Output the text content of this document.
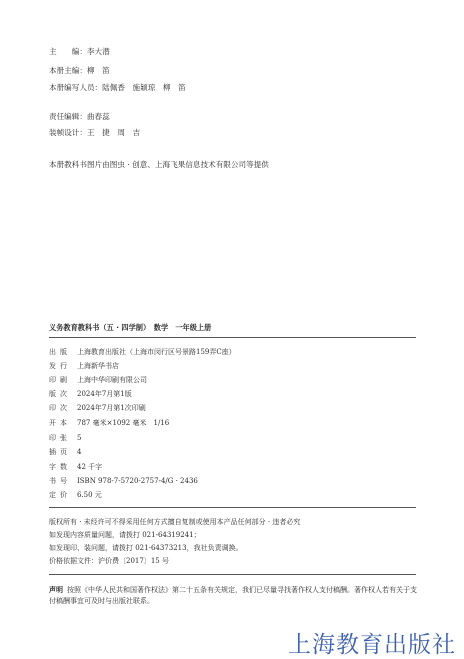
主　　编：李大潜
本册主编：柳　笛
本册编写人员：陆佩香　施颖琼　柳　笛
责任编辑：曲春蕊
装帧设计：王　捷　周　吉
本册教科书图片由图虫 · 创意、上海飞果信息技术有限公司等提供
义务教育教科书（五 · 四学制）　数学　一年级上册
出版 上海教育出版社（上海市闵行区号景路159弄C座）
发行 上海新华书店
印刷 上海中华印刷有限公司
版次 2024年7月第1版
印次 2024年7月第1次印刷
开本 787 毫米×1092 毫米　1/16
印张 5
插页 4
字数 42 千字
书号 ISBN 978-7-5720-2757-4/G · 2436
定价 6.50 元
版权所有 · 未经许可不得采用任何方式擅自复制或使用本产品任何部分 · 违者必究
如发现内容质量问题，请拨打 021-64319241；
如发现印、装问题，请拨打 021-64373213，我社负责调换。
价格依据文件：沪价费〔2017〕15 号
声明 按照《中华人民共和国著作权法》第二十五条有关规定，我们已尽量寻找著作权人支付稿酬。著作权人若有关于支付稿酬事宜可及时与出版社联系。
上海教育出版社
